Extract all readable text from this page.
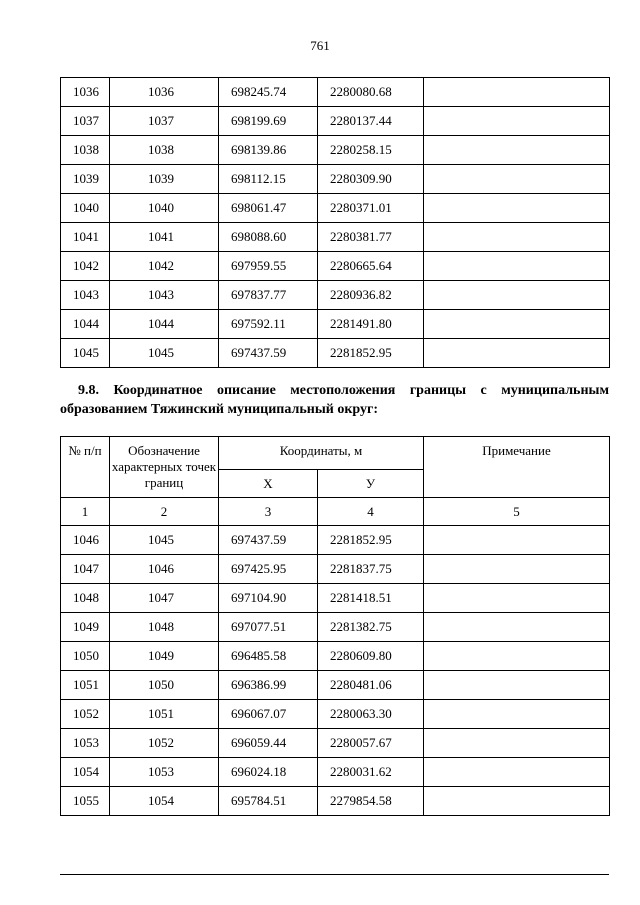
761
1036	1036	698245.74	2280080.68	
1037	1037	698199.69	2280137.44	
1038	1038	698139.86	2280258.15	
1039	1039	698112.15	2280309.90	
1040	1040	698061.47	2280371.01	
1041	1041	698088.60	2280381.77	
1042	1042	697959.55	2280665.64	
1043	1043	697837.77	2280936.82	
1044	1044	697592.11	2281491.80	
1045	1045	697437.59	2281852.95	
9.8. Координатное описание местоположения границы с муниципальным образованием Тяжинский муниципальный округ:
№ п/п	Обозначение характерных точек границ	Координаты, м		Примечание
		X	У	
1	2	3	4	5
1046	1045	697437.59	2281852.95	
1047	1046	697425.95	2281837.75	
1048	1047	697104.90	2281418.51	
1049	1048	697077.51	2281382.75	
1050	1049	696485.58	2280609.80	
1051	1050	696386.99	2280481.06	
1052	1051	696067.07	2280063.30	
1053	1052	696059.44	2280057.67	
1054	1053	696024.18	2280031.62	
1055	1054	695784.51	2279854.58	
